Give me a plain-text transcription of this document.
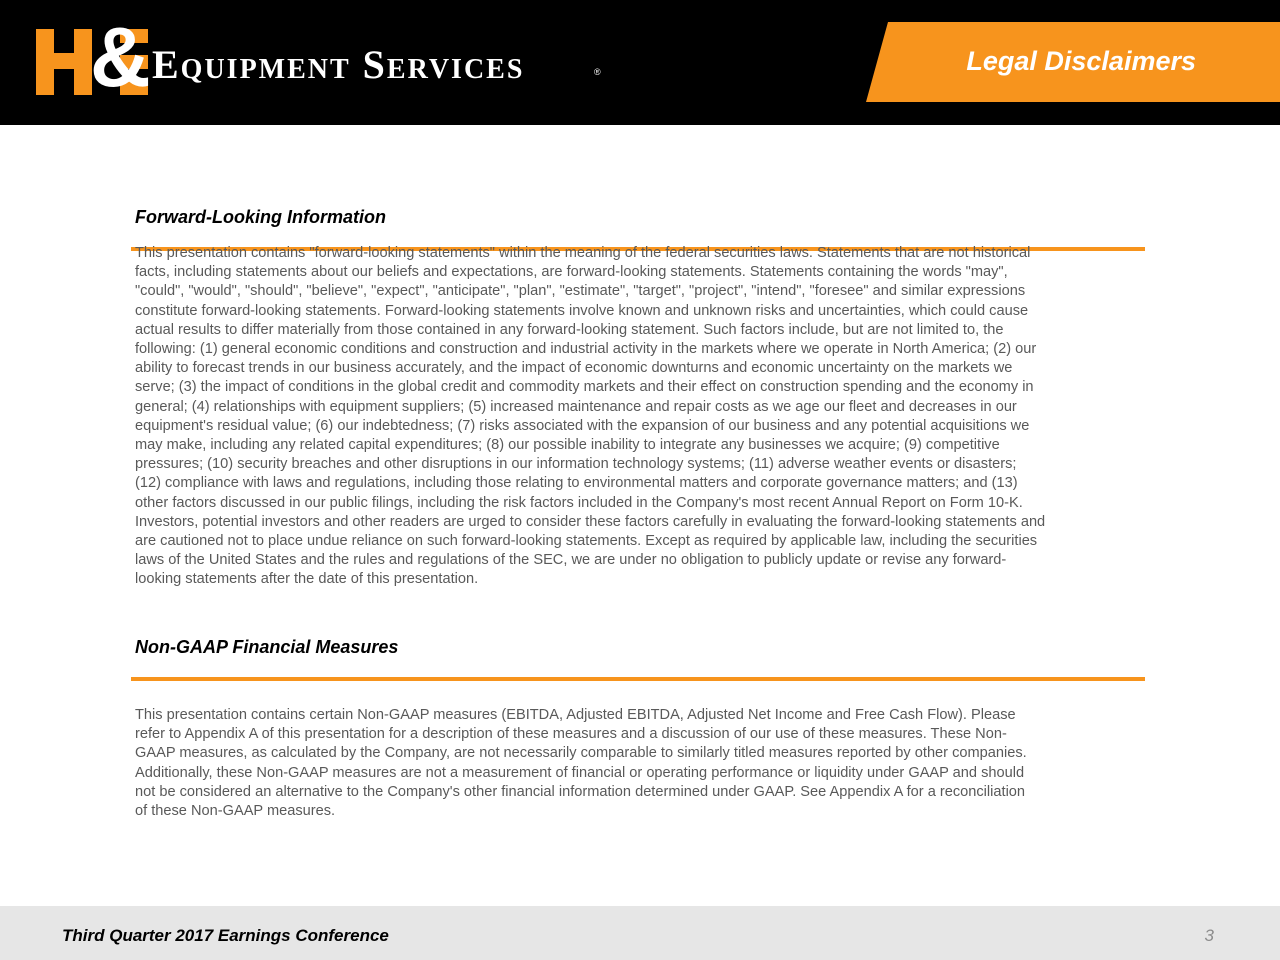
& Equipment Services	®	Legal Disclaimers
Forward-Looking Information
This presentation contains "forward-looking statements" within the meaning of the federal securities laws. Statements that are not historical
facts, including statements about our beliefs and expectations, are forward-looking statements. Statements containing the words "may",
"could", "would", "should", "believe", "expect", "anticipate", "plan", "estimate", "target", "project", "intend", "foresee" and similar expressions
constitute forward-looking statements. Forward-looking statements involve known and unknown risks and uncertainties, which could cause
actual results to differ materially from those contained in any forward-looking statement. Such factors include, but are not limited to, the
following: (1) general economic conditions and construction and industrial activity in the markets where we operate in North America; (2) our
ability to forecast trends in our business accurately, and the impact of economic downturns and economic uncertainty on the markets we
serve; (3) the impact of conditions in the global credit and commodity markets and their effect on construction spending and the economy in
general; (4) relationships with equipment suppliers; (5) increased maintenance and repair costs as we age our fleet and decreases in our
equipment's residual value; (6) our indebtedness; (7) risks associated with the expansion of our business and any potential acquisitions we
may make, including any related capital expenditures; (8) our possible inability to integrate any businesses we acquire; (9) competitive
pressures; (10) security breaches and other disruptions in our information technology systems; (11) adverse weather events or disasters;
(12) compliance with laws and regulations, including those relating to environmental matters and corporate governance matters; and (13)
other factors discussed in our public filings, including the risk factors included in the Company's most recent Annual Report on Form 10-K.
Investors, potential investors and other readers are urged to consider these factors carefully in evaluating the forward-looking statements and
are cautioned not to place undue reliance on such forward-looking statements. Except as required by applicable law, including the securities
laws of the United States and the rules and regulations of the SEC, we are under no obligation to publicly update or revise any forward-
looking statements after the date of this presentation.
Non-GAAP Financial Measures
This presentation contains certain Non-GAAP measures (EBITDA, Adjusted EBITDA, Adjusted Net Income and Free Cash Flow). Please
refer to Appendix A of this presentation for a description of these measures and a discussion of our use of these measures. These Non-
GAAP measures, as calculated by the Company, are not necessarily comparable to similarly titled measures reported by other companies.
Additionally, these Non-GAAP measures are not a measurement of financial or operating performance or liquidity under GAAP and should
not be considered an alternative to the Company's other financial information determined under GAAP. See Appendix A for a reconciliation
of these Non-GAAP measures.
Third Quarter 2017 Earnings Conference	3
